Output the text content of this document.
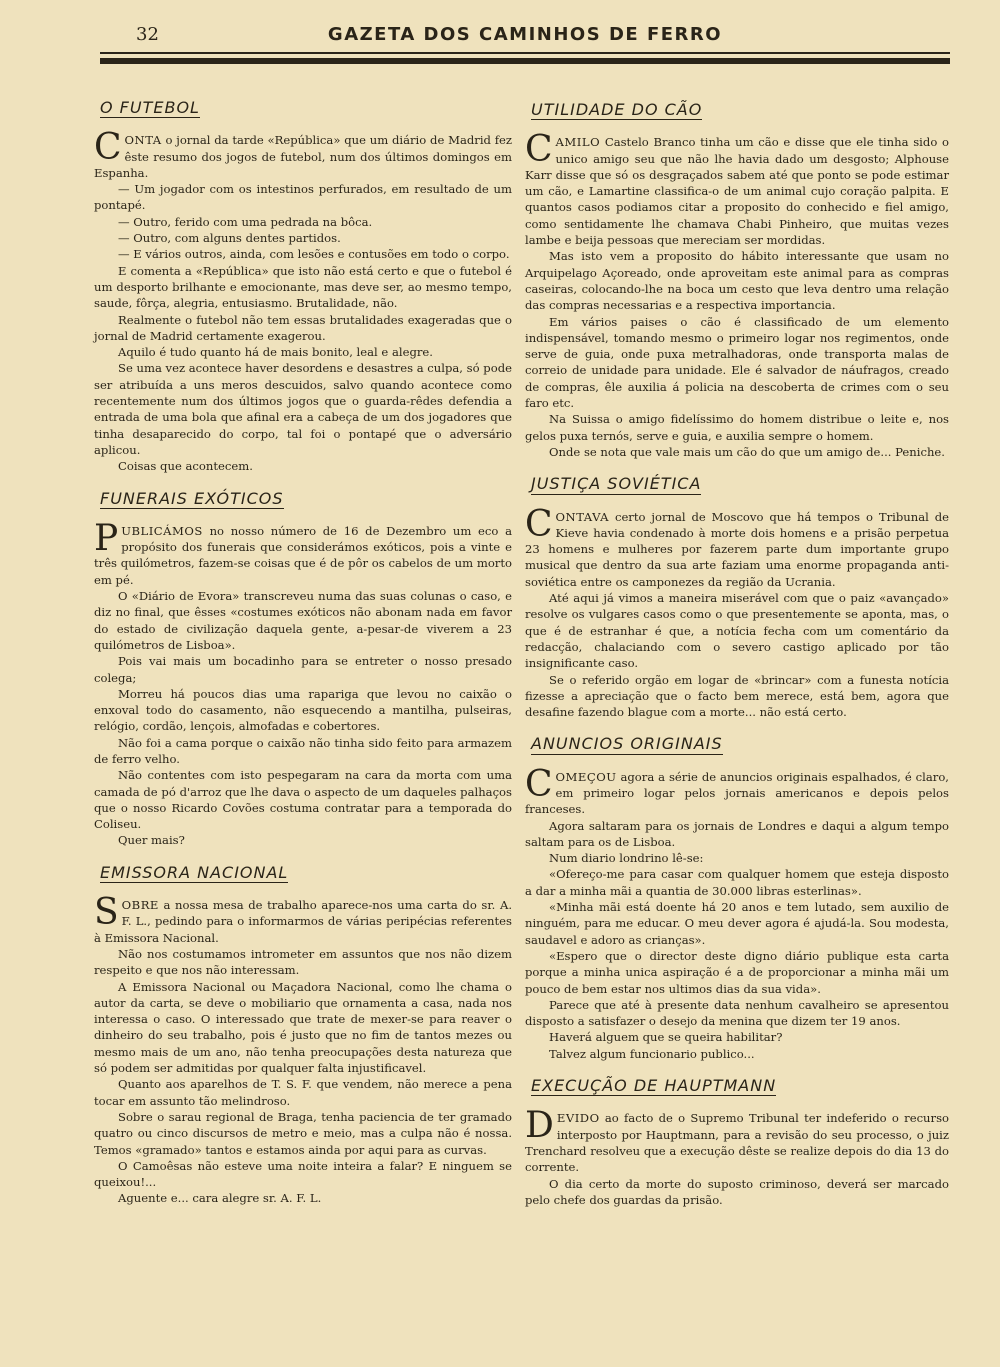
32	GAZETA DOS CAMINHOS DE FERRO
O FUTEBOL

CONTA o jornal da tarde «República» que um diário de Madrid fez êste resumo dos jogos de futebol, num dos últimos domingos em Espanha.

— Um jogador com os intestinos perfurados, em resultado de um pontapé.

— Outro, ferido com uma pedrada na bôca.

— Outro, com alguns dentes partidos.

— E vários outros, ainda, com lesões e contusões em todo o corpo.

E comenta a «República» que isto não está certo e que o futebol é um desporto brilhante e emocionante, mas deve ser, ao mesmo tempo, saude, fôrça, alegria, entusiasmo. Brutalidade, não.

Realmente o futebol não tem essas brutalidades exageradas que o jornal de Madrid certamente exagerou.

Aquilo é tudo quanto há de mais bonito, leal e alegre.

Se uma vez acontece haver desordens e desastres a culpa, só pode ser atribuída a uns meros descuidos, salvo quando acontece como recentemente num dos últimos jogos que o guarda-rêdes defendia a entrada de uma bola que afinal era a cabeça de um dos jogadores que tinha desaparecido do corpo, tal foi o pontapé que o adversário aplicou.

Coisas que acontecem.

FUNERAIS EXÓTICOS

PUBLICÁMOS no nosso número de 16 de Dezembro um eco a propósito dos funerais que considerámos exóticos, pois a vinte e três quilómetros, fazem-se coisas que é de pôr os cabelos de um morto em pé.

O «Diário de Evora» transcreveu numa das suas colunas o caso, e diz no final, que êsses «costumes exóticos não abonam nada em favor do estado de civilização daquela gente, a-pesar-de viverem a 23 quilómetros de Lisboa».

Pois vai mais um bocadinho para se entreter o nosso presado colega;

Morreu há poucos dias uma rapariga que levou no caixão o enxoval todo do casamento, não esquecendo a mantilha, pulseiras, relógio, cordão, lençois, almofadas e cobertores.

Não foi a cama porque o caixão não tinha sido feito para armazem de ferro velho.

Não contentes com isto pespegaram na cara da morta com uma camada de pó d'arroz que lhe dava o aspecto de um daqueles palhaços que o nosso Ricardo Covões costuma contratar para a temporada do Coliseu.

Quer mais?

EMISSORA NACIONAL

SOBRE a nossa mesa de trabalho aparece-nos uma carta do sr. A. F. L., pedindo para o informarmos de várias peripécias referentes à Emissora Nacional.

Não nos costumamos intrometer em assuntos que nos não dizem respeito e que nos não interessam.

A Emissora Nacional ou Maçadora Nacional, como lhe chama o autor da carta, se deve o mobiliario que ornamenta a casa, nada nos interessa o caso. O interessado que trate de mexer-se para reaver o dinheiro do seu trabalho, pois é justo que no fim de tantos mezes ou mesmo mais de um ano, não tenha preocupações desta natureza que só podem ser admitidas por qualquer falta injustificavel.

Quanto aos aparelhos de T. S. F. que vendem, não merece a pena tocar em assunto tão melindroso.

Sobre o sarau regional de Braga, tenha paciencia de ter gramado quatro ou cinco discursos de metro e meio, mas a culpa não é nossa. Temos «gramado» tantos e estamos ainda por aqui para as curvas.

O Camoêsas não esteve uma noite inteira a falar? E ninguem se queixou!...

Aguente e... cara alegre sr. A. F. L.

UTILIDADE DO CÃO

CAMILO Castelo Branco tinha um cão e disse que ele tinha sido o unico amigo seu que não lhe havia dado um desgosto; Alphouse Karr disse que só os desgraçados sabem até que ponto se pode estimar um cão, e Lamartine classifica-o de um animal cujo coração palpita. E quantos casos podiamos citar a proposito do conhecido e fiel amigo, como sentidamente lhe chamava Chabi Pinheiro, que muitas vezes lambe e beija pessoas que mereciam ser mordidas.

Mas isto vem a proposito do hábito interessante que usam no Arquipelago Açoreado, onde aproveitam este animal para as compras caseiras, colocando-lhe na boca um cesto que leva dentro uma relação das compras necessarias e a respectiva importancia.

Em vários paises o cão é classificado de um elemento indispensável, tomando mesmo o primeiro logar nos regimentos, onde serve de guia, onde puxa metralhadoras, onde transporta malas de correio de unidade para unidade. Ele é salvador de náufragos, creado de compras, êle auxilia á policia na descoberta de crimes com o seu faro etc.

Na Suissa o amigo fidelíssimo do homem distribue o leite e, nos gelos puxa ternós, serve e guia, e auxilia sempre o homem.

Onde se nota que vale mais um cão do que um amigo de... Peniche.

JUSTIÇA SOVIÉTICA

CONTAVA certo jornal de Moscovo que há tempos o Tribunal de Kieve havia condenado à morte dois homens e a prisão perpetua 23 homens e mulheres por fazerem parte dum importante grupo musical que dentro da sua arte faziam uma enorme propaganda anti-soviética entre os camponezes da região da Ucrania.

Até aqui já vimos a maneira miserável com que o paiz «avançado» resolve os vulgares casos como o que presentemente se aponta, mas, o que é de estranhar é que, a notícia fecha com um comentário da redacção, chalaciando com o severo castigo aplicado por tão insignificante caso.

Se o referido orgão em logar de «brincar» com a funesta notícia fizesse a apreciação que o facto bem merece, está bem, agora que desafine fazendo blague com a morte... não está certo.

ANUNCIOS ORIGINAIS

COMEÇOU agora a série de anuncios originais espalhados, é claro, em primeiro logar pelos jornais americanos e depois pelos franceses.

Agora saltaram para os jornais de Londres e daqui a algum tempo saltam para os de Lisboa.

Num diario londrino lê-se:

«Ofereço-me para casar com qualquer homem que esteja disposto a dar a minha mãi a quantia de 30.000 libras esterlinas».

«Minha mãi está doente há 20 anos e tem lutado, sem auxilio de ninguém, para me educar. O meu dever agora é ajudá-la. Sou modesta, saudavel e adoro as crianças».

«Espero que o director deste digno diário publique esta carta porque a minha unica aspiração é a de proporcionar a minha mãi um pouco de bem estar nos ultimos dias da sua vida».

Parece que até à presente data nenhum cavalheiro se apresentou disposto a satisfazer o desejo da menina que dizem ter 19 anos.

Haverá alguem que se queira habilitar?

Talvez algum funcionario publico...

EXECUÇÃO DE HAUPTMANN

DEVIDO ao facto de o Supremo Tribunal ter indeferido o recurso interposto por Hauptmann, para a revisão do seu processo, o juiz Trenchard resolveu que a execução dêste se realize depois do dia 13 do corrente.

O dia certo da morte do suposto criminoso, deverá ser marcado pelo chefe dos guardas da prisão.
